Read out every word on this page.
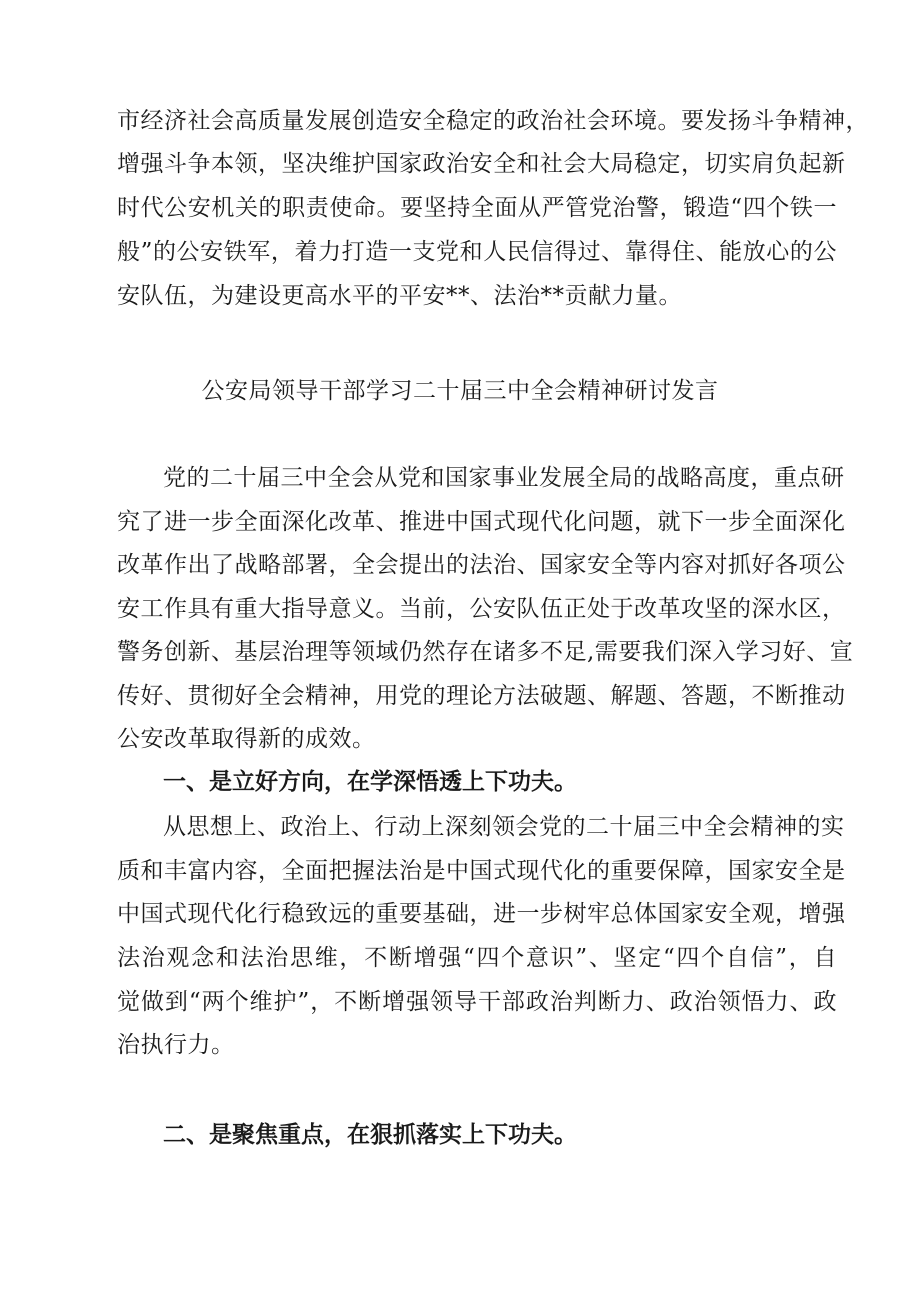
市经济社会高质量发展创造安全稳定的政治社会环境。要发扬斗争精神，
增强斗争本领，坚决维护国家政治安全和社会大局稳定，切实肩负起新
时代公安机关的职责使命。要坚持全面从严管党治警，锻造“四个铁一
般”的公安铁军，着力打造一支党和人民信得过、靠得住、能放心的公
安队伍，为建设更高水平的平安**、法治**贡献力量。
公安局领导干部学习二十届三中全会精神研讨发言
党的二十届三中全会从党和国家事业发展全局的战略高度，重点研
究了进一步全面深化改革、推进中国式现代化问题，就下一步全面深化
改革作出了战略部署，全会提出的法治、国家安全等内容对抓好各项公
安工作具有重大指导意义。当前，公安队伍正处于改革攻坚的深水区，
警务创新、基层治理等领域仍然存在诸多不足,需要我们深入学习好、宣
传好、贯彻好全会精神，用党的理论方法破题、解题、答题，不断推动
公安改革取得新的成效。
一、是立好方向，在学深悟透上下功夫。
从思想上、政治上、行动上深刻领会党的二十届三中全会精神的实
质和丰富内容，全面把握法治是中国式现代化的重要保障，国家安全是
中国式现代化行稳致远的重要基础，进一步树牢总体国家安全观，增强
法治观念和法治思维，不断增强“四个意识”、坚定“四个自信”，自
觉做到“两个维护”，不断增强领导干部政治判断力、政治领悟力、政
治执行力。
二、是聚焦重点，在狠抓落实上下功夫。
